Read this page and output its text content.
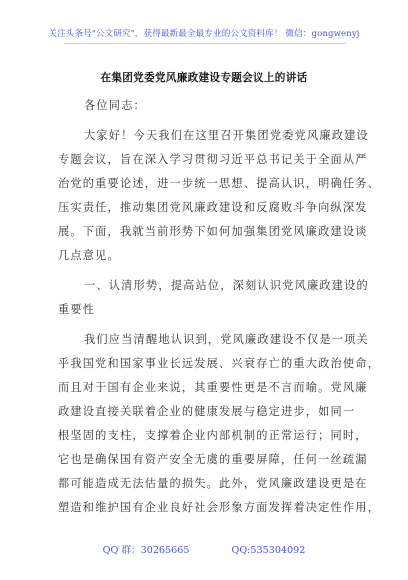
关注头条号"公文研究"，获得最新最全最专业的公文资料库！ 微信：gongwenyj
在集团党委党风廉政建设专题会议上的讲话
各位同志：
大家好！今天我们在这里召开集团党委党风廉政建设
专题会议，旨在深入学习贯彻习近平总书记关于全面从严
治党的重要论述，进一步统一思想、提高认识，明确任务、
压实责任，推动集团党风廉政建设和反腐败斗争向纵深发
展。下面，我就当前形势下如何加强集团党风廉政建设谈
几点意见。
一、认清形势，提高站位，深刻认识党风廉政建设的
重要性
我们应当清醒地认识到，党风廉政建设不仅是一项关
乎我国党和国家事业长远发展、兴衰存亡的重大政治使命，
而且对于国有企业来说，其重要性更是不言而喻。党风廉
政建设直接关联着企业的健康发展与稳定进步，如同一
根坚固的支柱，支撑着企业内部机制的正常运行；同时，
它也是确保国有资产安全无虞的重要屏障，任何一丝疏漏
都可能造成无法估量的损失。此外，党风廉政建设更是在
塑造和维护国有企业良好社会形象方面发挥着决定性作用，
QQ 群：30265665	QQ:535304092
